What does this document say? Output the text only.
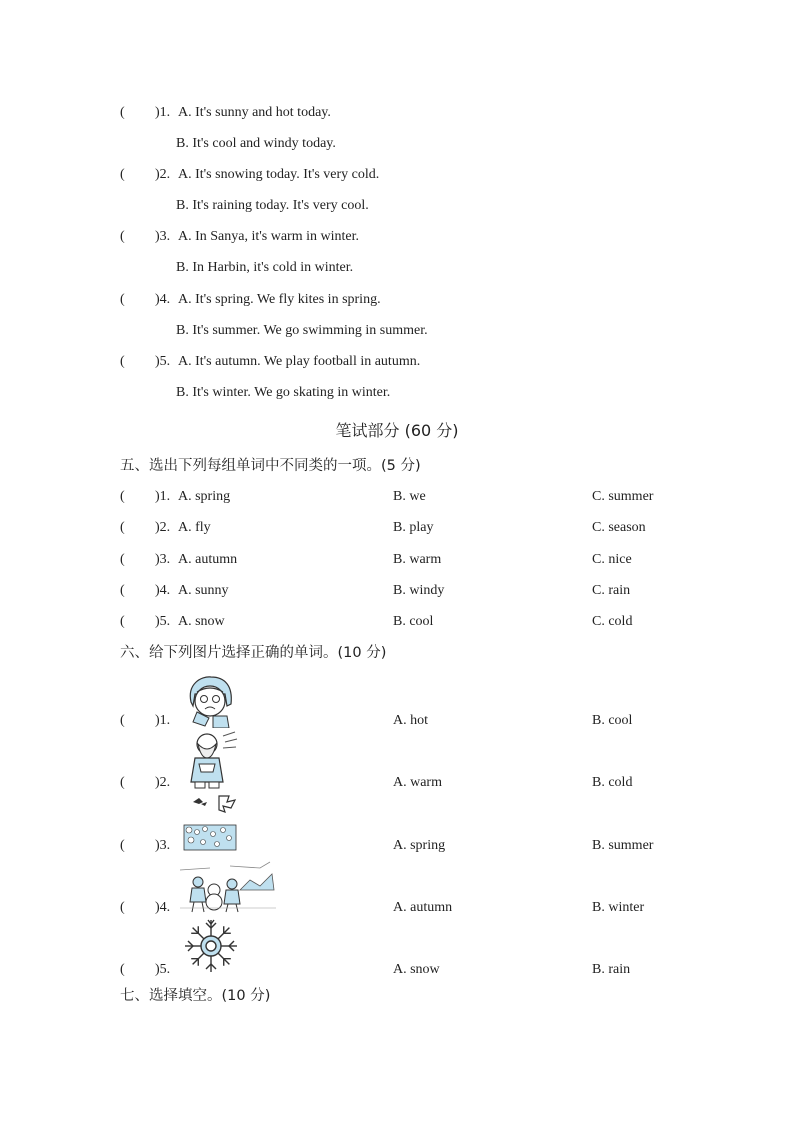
( )1. A. It's sunny and hot today.
B. It's cool and windy today.
( )2. A. It's snowing today. It's very cold.
B. It's raining today. It's very cool.
( )3. A. In Sanya, it's warm in winter.
B. In Harbin, it's cold in winter.
( )4. A. It's spring. We fly kites in spring.
B. It's summer. We go swimming in summer.
( )5. A. It's autumn. We play football in autumn.
B. It's winter. We go skating in winter.
笔试部分 (60 分)
五、选出下列每组单词中不同类的一项。(5 分)
( )1. A. spring	B. we	C. summer
( )2. A. fly	B. play	C. season
( )3. A. autumn	B. warm	C. nice
( )4. A. sunny	B. windy	C. rain
( )5. A. snow	B. cool	C. cold
六、给下列图片选择正确的单词。(10 分)
( )1.	A. hot	B. cool
( )2.	A. warm	B. cold
( )3.	A. spring	B. summer
( )4.	A. autumn	B. winter
( )5.	A. snow	B. rain
七、选择填空。(10 分)
